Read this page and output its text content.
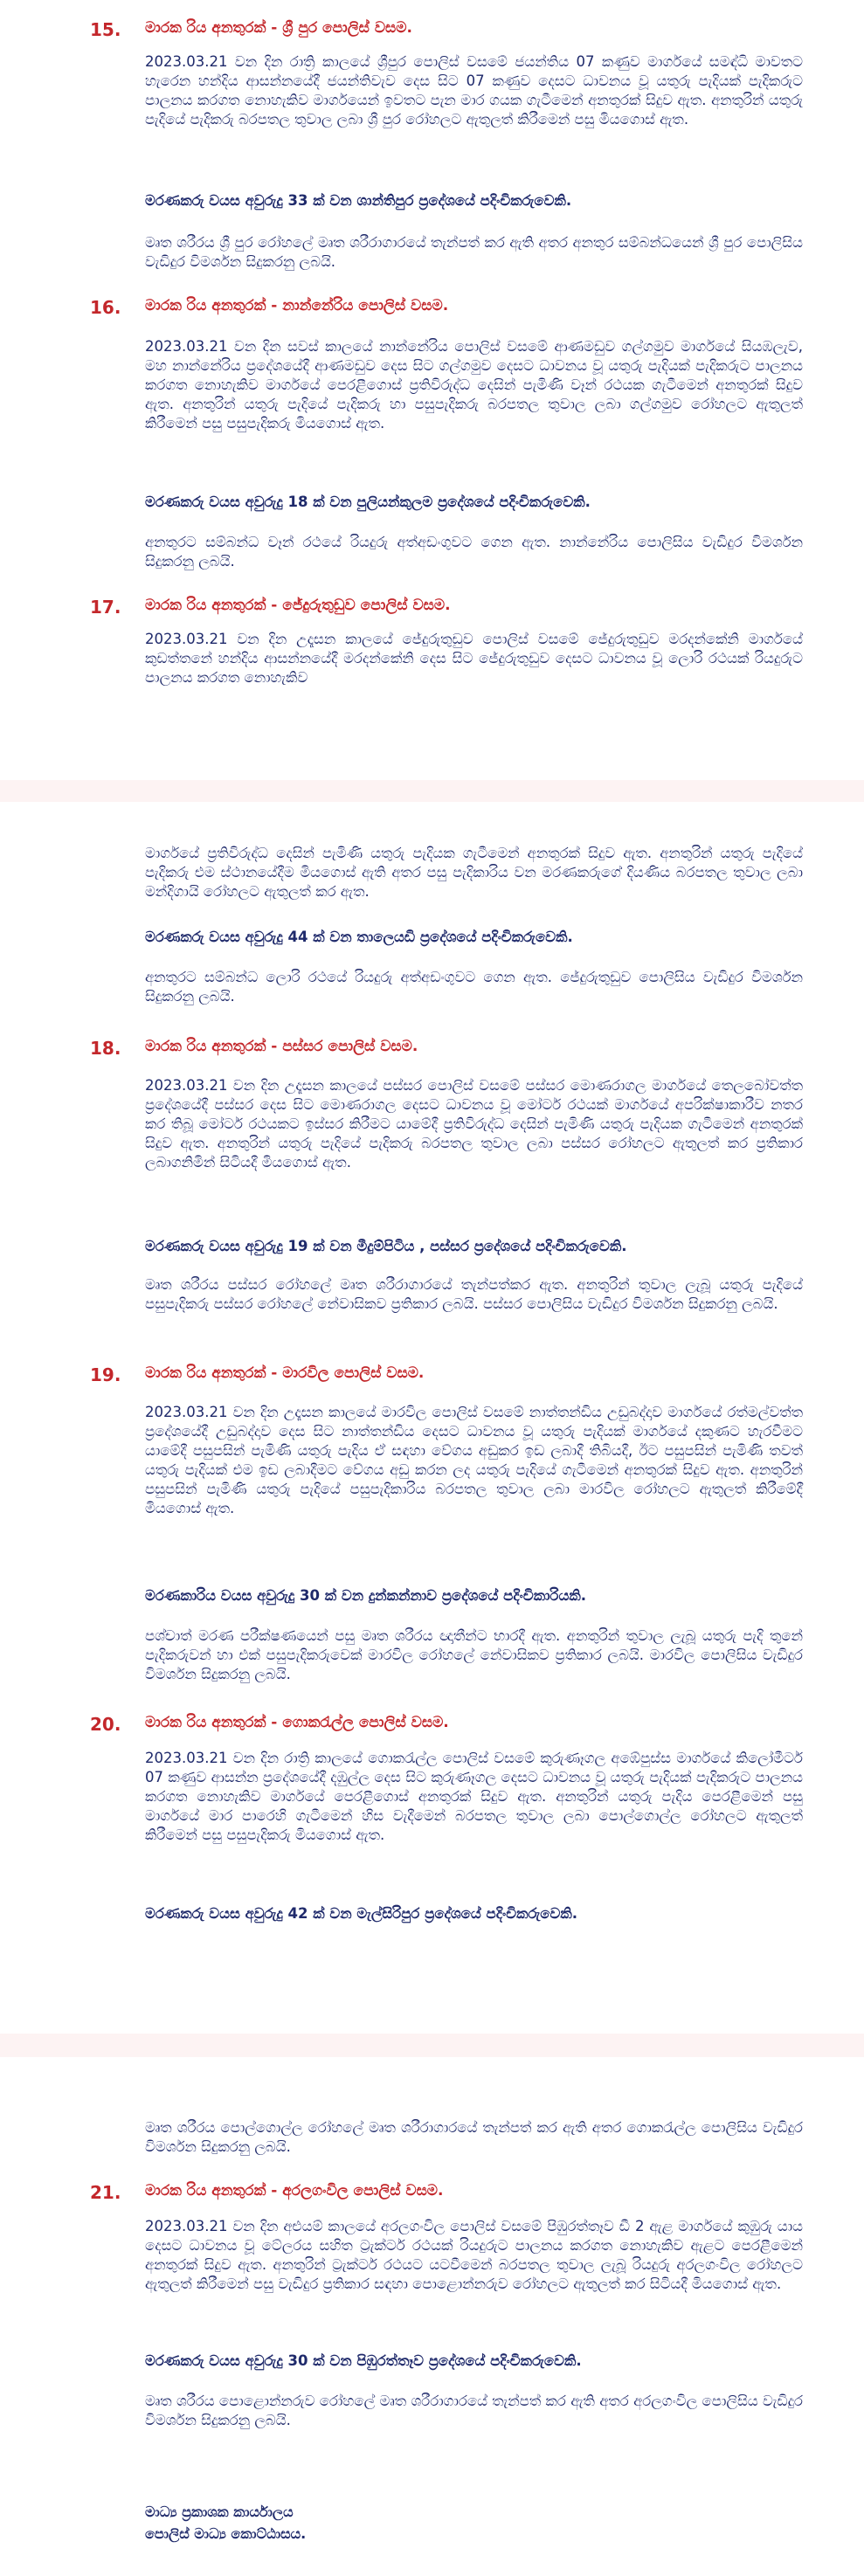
15. මාරක රිය අනතුරක් - ශ්‍රී පුර පොලිස් වසම.

2023.03.21 වන දින රාත්‍රි කාලයේ ශ්‍රීපුර පොලිස් වසමේ ජයන්තිය 07 කණුව මාර්ගයේ සමඳ්ධි මාවතට හැරෙන හන්දිය ආසන්නයේදී ජයන්තිවැව දෙස සිට 07 කණුව දෙසට ධාවනය වූ යතුරු පැදියක් පැදිකරුට පාලනය කරගත නොහැකිව මාර්ගයෙන් ඉවතට පැන මාර ගයක ගැටීමෙන් අනතුරක් සිදුව ඇත. අනතුරින් යතුරු පැදියේ පැදිකරු බරපතල තුවාල ලබා ශ්‍රී පුර රෝහලට ඇතුලත් කිරීමෙන් පසු මියගොස් ඇත.

මරණකරු වයස අවුරුදු 33 ක් වන ශාන්තිපුර ප්‍රදේශයේ පදිංචිකරුවෙකි.

මෘත ශරීරය ශ්‍රී පුර රෝහලේ මෘත ශරීරාගාරයේ තැන්පත් කර ඇති අතර අනතුර සම්බන්ධයෙන් ශ්‍රී පුර පොලිසිය වැඩිදුර විමර්ශන සිදුකරනු ලබයි.

16. මාරක රිය අනතුරක් - නාන්නේරිය පොලිස් වසම.

2023.03.21 වන දින සවස් කාලයේ නාන්නේරිය පොලිස් වසමේ ආණමඩුව ගල්ගමුව මාර්ගයේ සියඹලැව, මහ නාන්නේරිය ප්‍රදේශයේදී ආණමඩුව දෙස සිට ගල්ගමුව දෙසට ධාවනය වූ යතුරු පැදියක් පැදිකරුට පාලනය කරගත නොහැකිව මාර්ගයේ පෙරළීගොස් ප්‍රතිවිරුද්ධ දෙසින් පැමිණි වෑන් රථයක ගැටීමෙන් අනතුරක් සිදුව ඇත. අනතුරින් යතුරු පැදියේ පැදිකරු හා පසුපැදිකරු බරපතල තුවාල ලබා ගල්ගමුව රෝහලට ඇතුලත් කිරීමෙන් පසු පසුපැදිකරු මියගොස් ඇත.

මරණකරු වයස අවුරුදු 18 ක් වන පුලියන්කුලම ප්‍රදේශයේ පදිංචිකරුවෙකි.

අනතුරට සම්බන්ධ වෑන් රථයේ රියදුරු අත්අඩංගුවට ගෙන ඇත. නාන්නේරිය පොලිසිය වැඩිදුර විමර්ශන සිදුකරනු ලබයි.

17. මාරක රිය අනතුරක් - ජේදුරුතුඩුව පොලිස් වසම.

2023.03.21 වන දින උදෑසන කාලයේ ජේදුරුතුඩුව පොලිස් වසමේ ජේදුරුතුඩුව මරදන්කේනි මාර්ගයේ කුඩත්තනේ හන්දිය ආසන්නයේදී මරදන්කේනි දෙස සිට ජේදුරුතුඩුව දෙසට ධාවනය වූ ලොරි රථයක් රියදුරුට පාලනය කරගත නොහැකිව

මාර්ගයේ ප්‍රතිවිරුද්ධ දෙසින් පැමිණි යතුරු පැදියක ගැටීමෙන් අනතුරක් සිදුව ඇත. අනතුරින් යතුරු පැදියේ පැදිකරු එම ස්ථානයේදීම මියගොස් ඇති අතර පසු පැදිකාරිය වන මරණකරුගේ දියණිය බරපතල තුවාල ලබා මන්දිගායි රෝහලට ඇතුලත් කර ඇත.

මරණකරු වයස අවුරුදු 44 ක් වන තාලෙයඩි ප්‍රදේශයේ පදිංචිකරුවෙකි.

අනතුරට සම්බන්ධ ලොරි රථයේ රියදුරු අත්අඩංගුවට ගෙන ඇත. ජේදුරුතුඩුව පොලිසිය වැඩිදුර විමර්ශන සිදුකරනු ලබයි.

18. මාරක රිය අනතුරක් - පස්සර පොලිස් වසම.

2023.03.21 වන දින උදෑසන කාලයේ පස්සර පොලිස් වසමේ පස්සර මොණරාගල මාර්ගයේ තෙලබෝවත්ත ප්‍රදේශයේදී පස්සර දෙස සිට මොණරාගල දෙසට ධාවනය වූ මෝටර් රථයක් මාර්ගයේ අපරික්ෂාකාරීව නතර කර තිබූ මෝටර් රථයකට ඉස්සර කිරීමට යාමේදී ප්‍රතිවිරුද්ධ දෙසින් පැමිණි යතුරු පැදියක ගැටීමෙන් අනතුරක් සිදුව ඇත. අනතුරින් යතුරු පැදියේ පැදිකරු බරපතල තුවාල ලබා පස්සර රෝහලට ඇතුලත් කර ප්‍රතිකාර ලබාගනිමින් සිටියදී මියගොස් ඇත.

මරණකරු වයස අවුරුදු 19 ක් වන මීදුම්පිටිය , පස්සර ප්‍රදේශයේ පදිංචිකරුවෙකි.

මෘත ශරීරය පස්සර රෝහලේ මෘත ශරීරාගාරයේ තැන්පත්කර ඇත. අනතුරින් තුවාල ලැබූ යතුරු පැදියේ පසුපැදිකරු පස්සර රෝහලේ නේවාසිකව ප්‍රතිකාර ලබයි. පස්සර පොලිසිය වැඩිදුර විමර්ශන සිදුකරනු ලබයි.

19. මාරක රිය අනතුරක් - මාරවිල පොලිස් වසම.

2023.03.21 වන දින උදෑසන කාලයේ මාරවිල පොලිස් වසමේ නාත්තන්ඩිය උඩුබද්දාව මාර්ගයේ රත්මල්වත්ත ප්‍රදේශයේදී උඩුබද්දාව දෙස සිට නාත්තන්ඩිය දෙසට ධාවනය වූ යතුරු පැදියක් මාර්ගයේ දකුණට හැරවීමට යාමේදී පසුපසින් පැමිණි යතුරු පැදිය ඒ සඳහා වේගය අඩුකර ඉඩ ලබාදී තිබියදී, ඊට පසුපසින් පැමිණි තවත් යතුරු පැදියක් එම ඉඩ ලබාදීමට වේගය අඩු කරන ලද යතුරු පැදියේ ගැටීමෙන් අනතුරක් සිදුව ඇත. අනතුරින් පසුපසින් පැමිණි යතුරු පැදියේ පසුපැදිකාරිය බරපතල තුවාල ලබා මාරවිල රෝහලට ඇතුලත් කිරීමේදී මියගොස් ඇත.

මරණකාරිය වයස අවුරුදු 30 ක් වන දුන්කන්නාව ප්‍රදේශයේ පදිංචිකාරියකි.

පශ්චාත් මරණ පරීක්ෂණයෙන් පසු මෘත ශරීරය ඥාතීන්ට භාරදී ඇත. අනතුරින් තුවාල ලැබූ යතුරු පැදි තුනේ පැදිකරුවන් හා එක් පසුපැදිකරුවෙක් මාරවිල රෝහලේ නේවාසිකව ප්‍රතිකාර ලබයි. මාරවිල පොලිසිය වැඩිදුර විමර්ශන සිදුකරනු ලබයි.

20. මාරක රිය අනතුරක් - ගොකරැල්ල පොලිස් වසම.

2023.03.21 වන දින රාත්‍රි කාලයේ ගොකරැල්ල පොලිස් වසමේ කුරුණෑගල අඹේපුස්ස මාර්ගයේ කිලෝමීටර් 07 කණුව ආසන්න ප්‍රදේශයේදී දඹුල්ල දෙස සිට කුරුණෑගල දෙසට ධාවනය වූ යතුරු පැදියක් පැදිකරුට පාලනය කරගත නොහැකිව මාර්ගයේ පෙරළීගොස් අනතුරක් සිදුව ඇත. අනතුරින් යතුරු පැදිය පෙරළීමෙන් පසු මාර්ගයේ මාර පාරෙහි ගැටීමෙන් හිස වැදීමෙන් බරපතල තුවාල ලබා පොල්ගොල්ල රෝහලට ඇතුලත් කිරීමෙන් පසු පසුපැදිකරු මියගොස් ඇත.

මරණකරු වයස අවුරුදු 42 ක් වන මැල්සිරිපුර ප්‍රදේශයේ පදිංචිකරුවෙකි.

මෘත ශරීරය පොල්ගොල්ල රෝහලේ මෘත ශරීරාගාරයේ තැන්පත් කර ඇති අතර ගොකරැල්ල පොලිසිය වැඩිදුර විමර්ශන සිදුකරනු ලබයි.

21. මාරක රිය අනතුරක් - අරලගංවිල පොලිස් වසම.

2023.03.21 වන දින අළුයම් කාලයේ අරලගංවිල පොලිස් වසමේ පිඹුරත්තෑව ඩී 2 ඇළ මාර්ගයේ කුඹුරු යාය දෙසට ධාවනය වූ ටේලරය සහිත ට්‍රැක්ටර් රථයක් රියදුරුට පාලනය කරගත නොහැකිව ඇළට පෙරළීමෙන් අනතුරක් සිදුව ඇත. අනතුරින් ට්‍රැක්ටර් රථයට යටවීමෙන් බරපතල තුවාල ලැබූ රියදුරු අරලගංවිල රෝහලට ඇතුලත් කිරීමෙන් පසු වැඩිදුර ප්‍රතිකාර සඳහා පොළොන්නරුව රෝහලට ඇතුලත් කර සිටියදී මියගොස් ඇත.

මරණකරු වයස අවුරුදු 30 ක් වන පිඹුරත්තෑව ප්‍රදේශයේ පදිංචිකරුවෙකි.

මෘත ශරීරය පොළොන්නරුව රෝහලේ මෘත ශරීරාගාරයේ තැන්පත් කර ඇති අතර අරලගංවිල පොලිසිය වැඩිදුර විමර්ශන සිදුකරනු ලබයි.

මාධ්‍ය ප්‍රකාශක කාර්යාලය
පොලිස් මාධ්‍ය කොට්ඨාසය.
